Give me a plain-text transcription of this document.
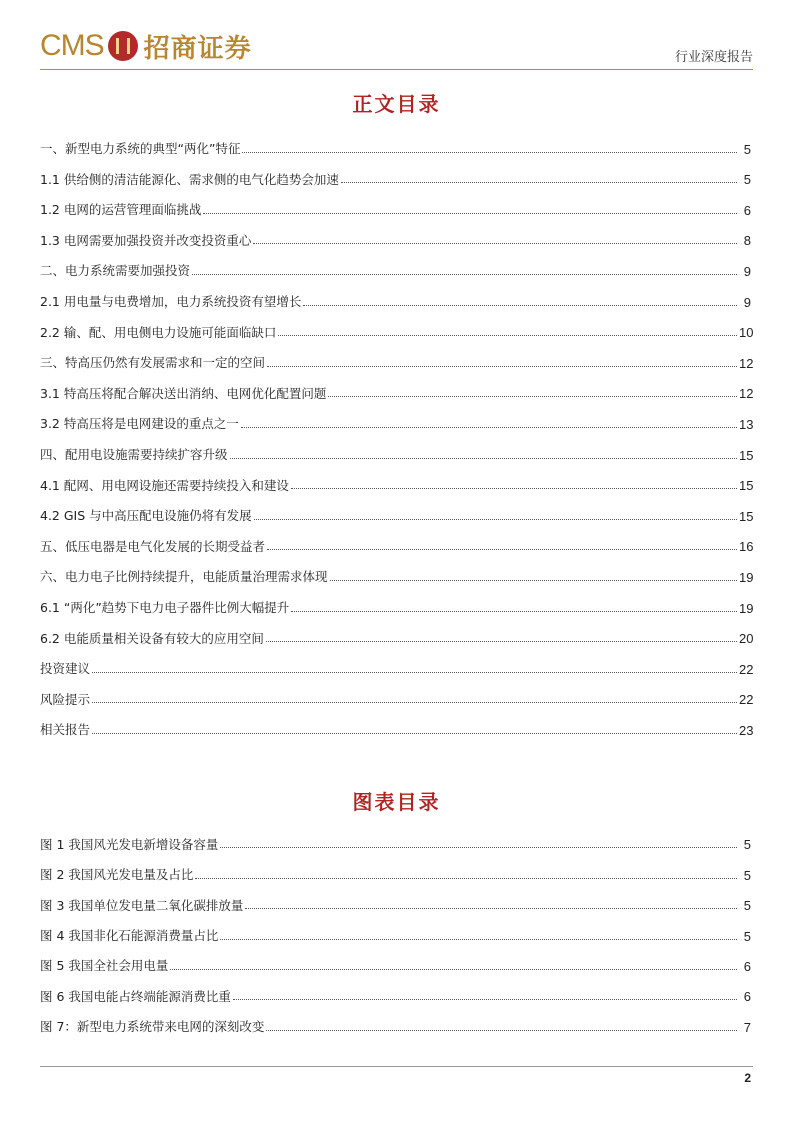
CMS 招商证券	行业深度报告
正文目录
一、新型电力系统的典型“两化”特征	5
1.1 供给侧的清洁能源化、需求侧的电气化趋势会加速	5
1.2 电网的运营管理面临挑战	6
1.3 电网需要加强投资并改变投资重心	8
二、电力系统需要加强投资	9
2.1 用电量与电费增加，电力系统投资有望增长	9
2.2 输、配、用电侧电力设施可能面临缺口	10
三、特高压仍然有发展需求和一定的空间	12
3.1 特高压将配合解决送出消纳、电网优化配置问题	12
3.2 特高压将是电网建设的重点之一	13
四、配用电设施需要持续扩容升级	15
4.1 配网、用电网设施还需要持续投入和建设	15
4.2 GIS 与中高压配电设施仍将有发展	15
五、低压电器是电气化发展的长期受益者	16
六、电力电子比例持续提升，电能质量治理需求体现	19
6.1 “两化”趋势下电力电子器件比例大幅提升	19
6.2 电能质量相关设备有较大的应用空间	20
投资建议	22
风险提示	22
相关报告	23
图表目录
图 1 我国风光发电新增设备容量	5
图 2 我国风光发电量及占比	5
图 3 我国单位发电量二氧化碳排放量	5
图 4 我国非化石能源消费量占比	5
图 5 我国全社会用电量	6
图 6 我国电能占终端能源消费比重	6
图 7：新型电力系统带来电网的深刻改变	7
2
